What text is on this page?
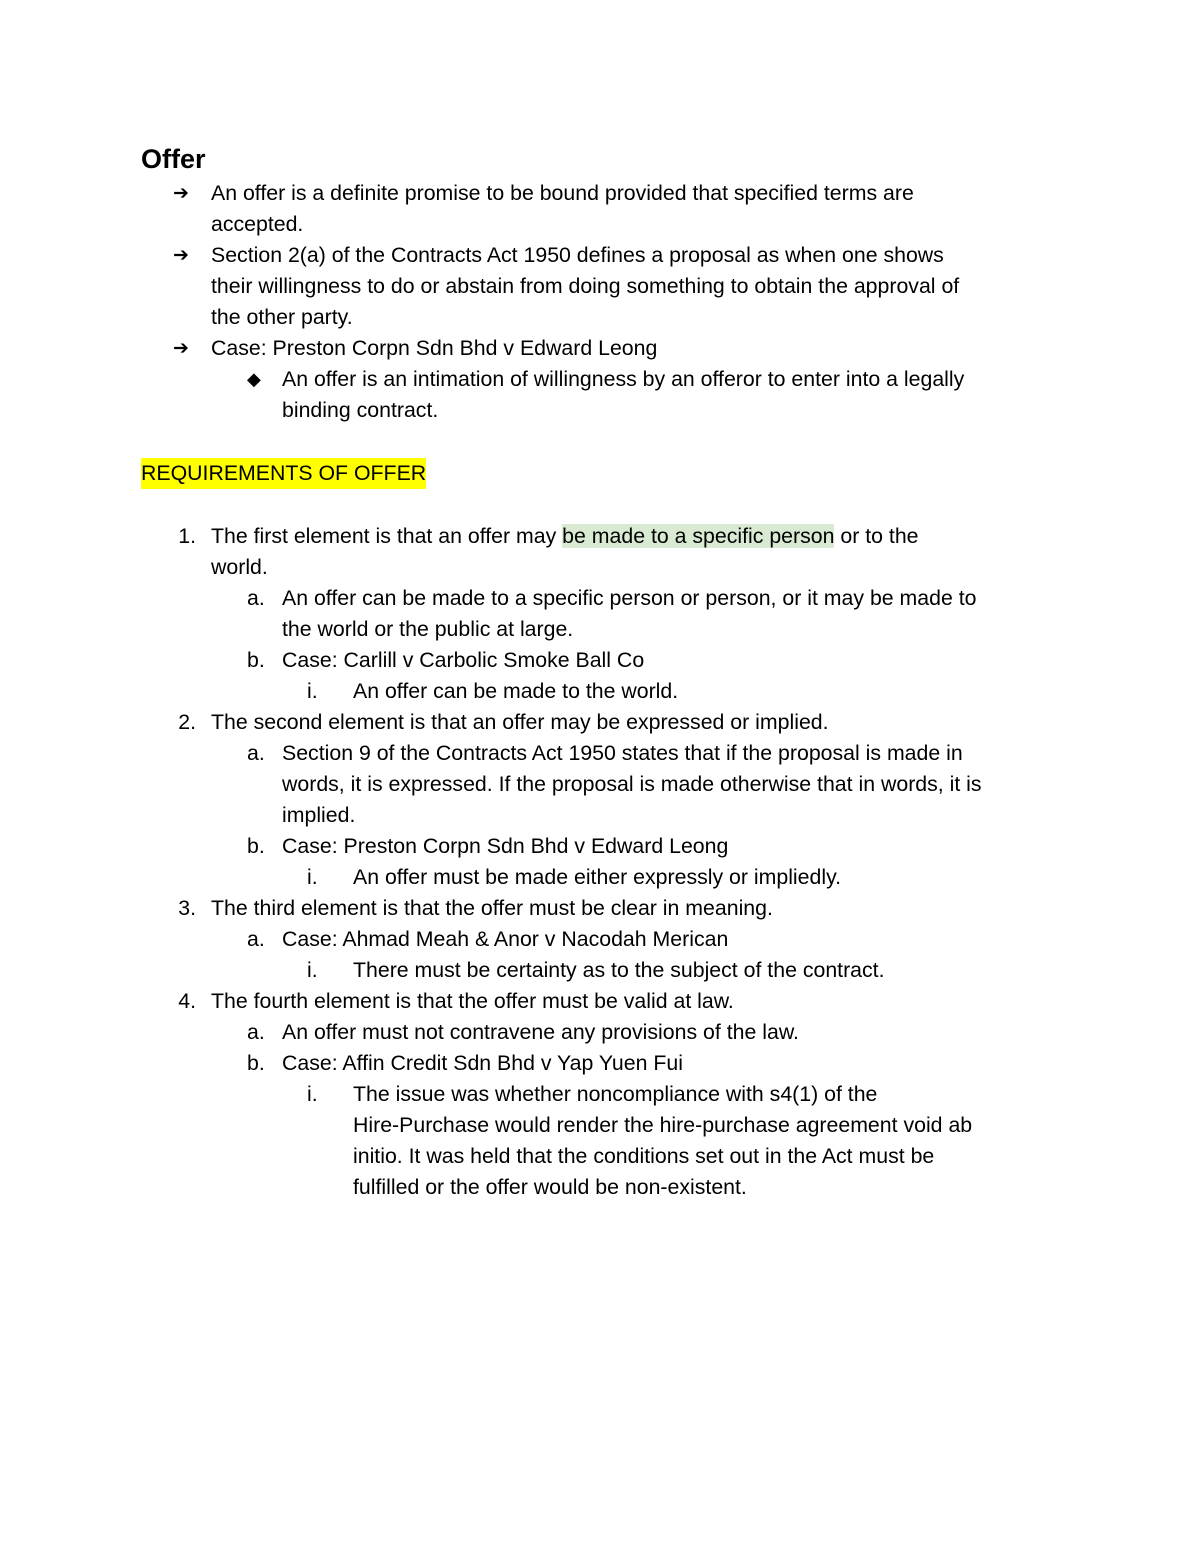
Offer
➔ An offer is a definite promise to be bound provided that specified terms are
accepted.
➔ Section 2(a) of the Contracts Act 1950 defines a proposal as when one shows
their willingness to do or abstain from doing something to obtain the approval of
the other party.
➔ Case: Preston Corpn Sdn Bhd v Edward Leong
◆ An offer is an intimation of willingness by an offeror to enter into a legally
binding contract.
REQUIREMENTS OF OFFER
1. The first element is that an offer may be made to a specific person or to the
world.
a. An offer can be made to a specific person or person, or it may be made to
the world or the public at large.
b. Case: Carlill v Carbolic Smoke Ball Co
i. An offer can be made to the world.
2. The second element is that an offer may be expressed or implied.
a. Section 9 of the Contracts Act 1950 states that if the proposal is made in
words, it is expressed. If the proposal is made otherwise that in words, it is
implied.
b. Case: Preston Corpn Sdn Bhd v Edward Leong
i. An offer must be made either expressly or impliedly.
3. The third element is that the offer must be clear in meaning.
a. Case: Ahmad Meah & Anor v Nacodah Merican
i. There must be certainty as to the subject of the contract.
4. The fourth element is that the offer must be valid at law.
a. An offer must not contravene any provisions of the law.
b. Case: Affin Credit Sdn Bhd v Yap Yuen Fui
i. The issue was whether noncompliance with s4(1) of the
Hire-Purchase would render the hire-purchase agreement void ab
initio. It was held that the conditions set out in the Act must be
fulfilled or the offer would be non-existent.
